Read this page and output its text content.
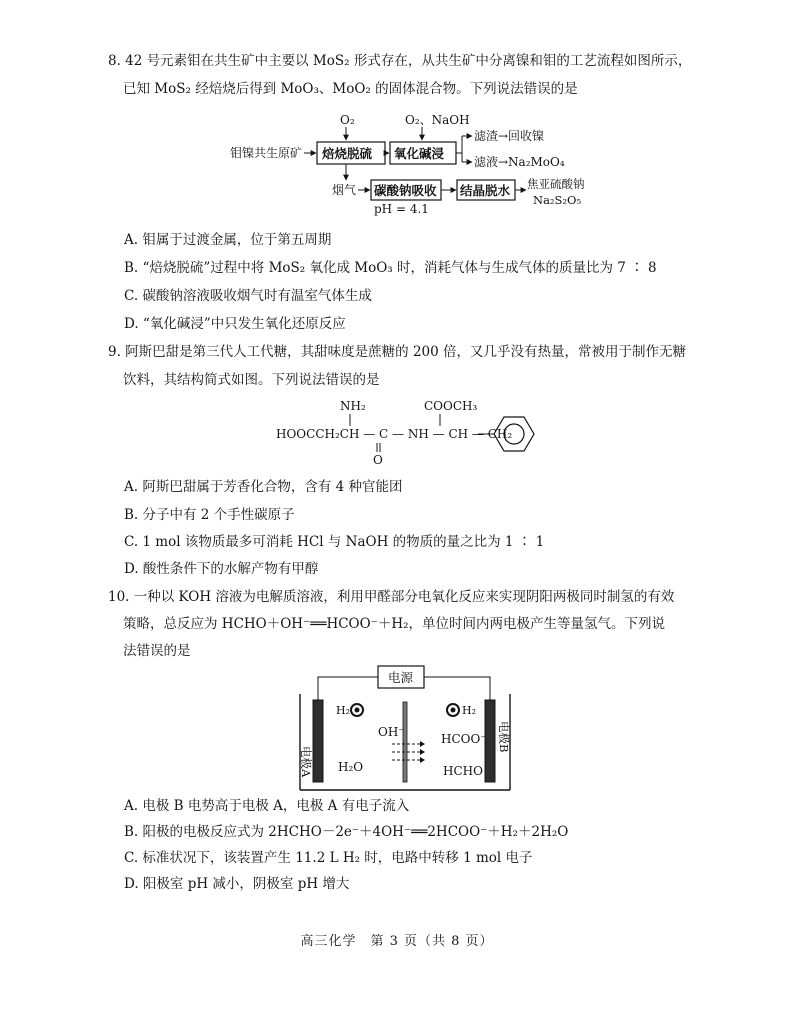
8. 42 号元素钼在共生矿中主要以 MoS₂ 形式存在，从共生矿中分离镍和钼的工艺流程如图所示，
已知 MoS₂ 经焙烧后得到 MoO₃、MoO₂ 的固体混合物。下列说法错误的是
O₂	O₂、NaOH
钼镍共生原矿 焙烧脱硫 氧化碱浸
滤渣→回收镍
滤液→Na₂MoO₄
烟气 碳酸钠吸收
pH = 4.1
结晶脱水 焦亚硫酸钠
Na₂S₂O₅
A. 钼属于过渡金属，位于第五周期
B. “焙烧脱硫”过程中将 MoS₂ 氧化成 MoO₃ 时，消耗气体与生成气体的质量比为 7 ∶ 8
C. 碳酸钠溶液吸收烟气时有温室气体生成
D. “氧化碱浸”中只发生氧化还原反应
9. 阿斯巴甜是第三代人工代糖，其甜味度是蔗糖的 200 倍，又几乎没有热量，常被用于制作无糖
饮料，其结构简式如图。下列说法错误的是
NH₂	COOCH₃
HOOCCH₂CH — C — NH — CH — CH₂
O
A. 阿斯巴甜属于芳香化合物，含有 4 种官能团
B. 分子中有 2 个手性碳原子
C. 1 mol 该物质最多可消耗 HCl 与 NaOH 的物质的量之比为 1 ∶ 1
D. 酸性条件下的水解产物有甲醇
10. 一种以 KOH 溶液为电解质溶液，利用甲醛部分电氧化反应来实现阴阳两极同时制氢的有效
策略，总反应为 HCHO＋OH⁻══HCOO⁻＋H₂，单位时间内两电极产生等量氢气。下列说
法错误的是
电源
电极A
电极B
H₂	H₂
OH⁻
H₂O
HCOO⁻
HCHO
A. 电极 B 电势高于电极 A，电极 A 有电子流入
B. 阳极的电极反应式为 2HCHO－2e⁻＋4OH⁻══2HCOO⁻＋H₂＋2H₂O
C. 标准状况下，该装置产生 11.2 L H₂ 时，电路中转移 1 mol 电子
D. 阳极室 pH 减小，阴极室 pH 增大
高三化学　第 3 页（共 8 页）
